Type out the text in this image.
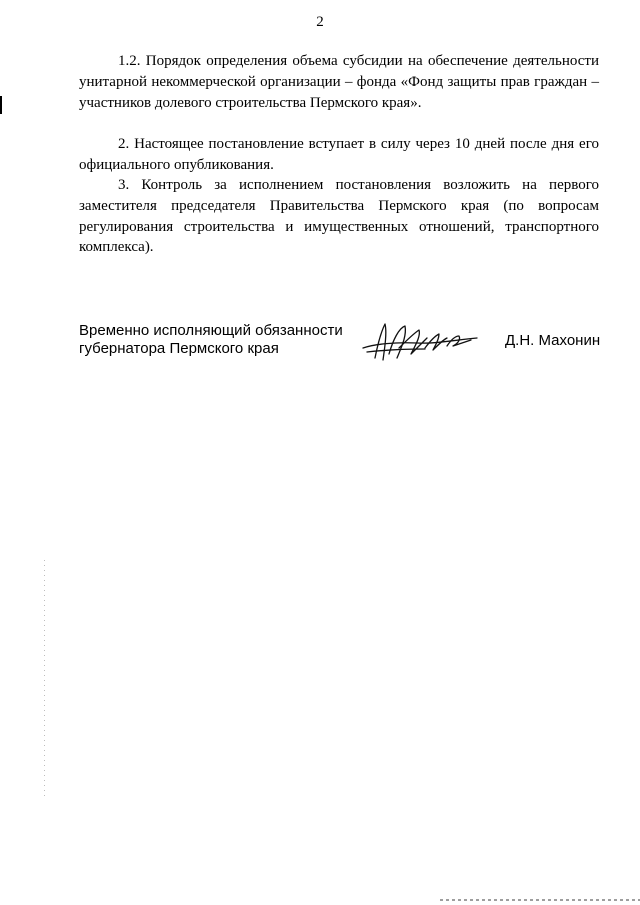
2

1.2. Порядок определения объема субсидии на обеспечение деятельности унитарной некоммерческой организации – фонда «Фонд защиты прав граждан – участников долевого строительства Пермского края».

2. Настоящее постановление вступает в силу через 10 дней после дня его официального опубликования.

3. Контроль за исполнением постановления возложить на первого заместителя председателя Правительства Пермского края (по вопросам регулирования строительства и имущественных отношений, транспортного комплекса).

Временно исполняющий обязанности
губернатора Пермского края	Д.Н. Махонин
